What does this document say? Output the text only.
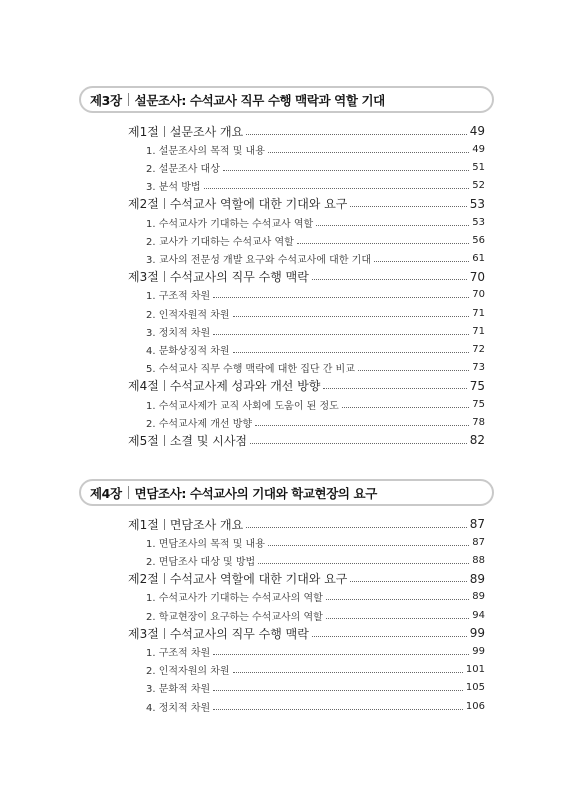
제3장 설문조사: 수석교사 직무 수행 맥락과 역할 기대
제1절 설문조사 개요	49
1. 설문조사의 목적 및 내용	49
2. 설문조사 대상	51
3. 분석 방법	52
제2절 수석교사 역할에 대한 기대와 요구	53
1. 수석교사가 기대하는 수석교사 역할	53
2. 교사가 기대하는 수석교사 역할	56
3. 교사의 전문성 개발 요구와 수석교사에 대한 기대	61
제3절 수석교사의 직무 수행 맥락	70
1. 구조적 차원	70
2. 인적자원적 차원	71
3. 정치적 차원	71
4. 문화상징적 차원	72
5. 수석교사 직무 수행 맥락에 대한 집단 간 비교	73
제4절 수석교사제 성과와 개선 방향	75
1. 수석교사제가 교직 사회에 도움이 된 정도	75
2. 수석교사제 개선 방향	78
제5절 소결 및 시사점	82
제4장 면담조사: 수석교사의 기대와 학교현장의 요구
제1절 면담조사 개요	87
1. 면담조사의 목적 및 내용	87
2. 면담조사 대상 및 방법	88
제2절 수석교사 역할에 대한 기대와 요구	89
1. 수석교사가 기대하는 수석교사의 역할	89
2. 학교현장이 요구하는 수석교사의 역할	94
제3절 수석교사의 직무 수행 맥락	99
1. 구조적 차원	99
2. 인적자원의 차원	101
3. 문화적 차원	105
4. 정치적 차원	106
